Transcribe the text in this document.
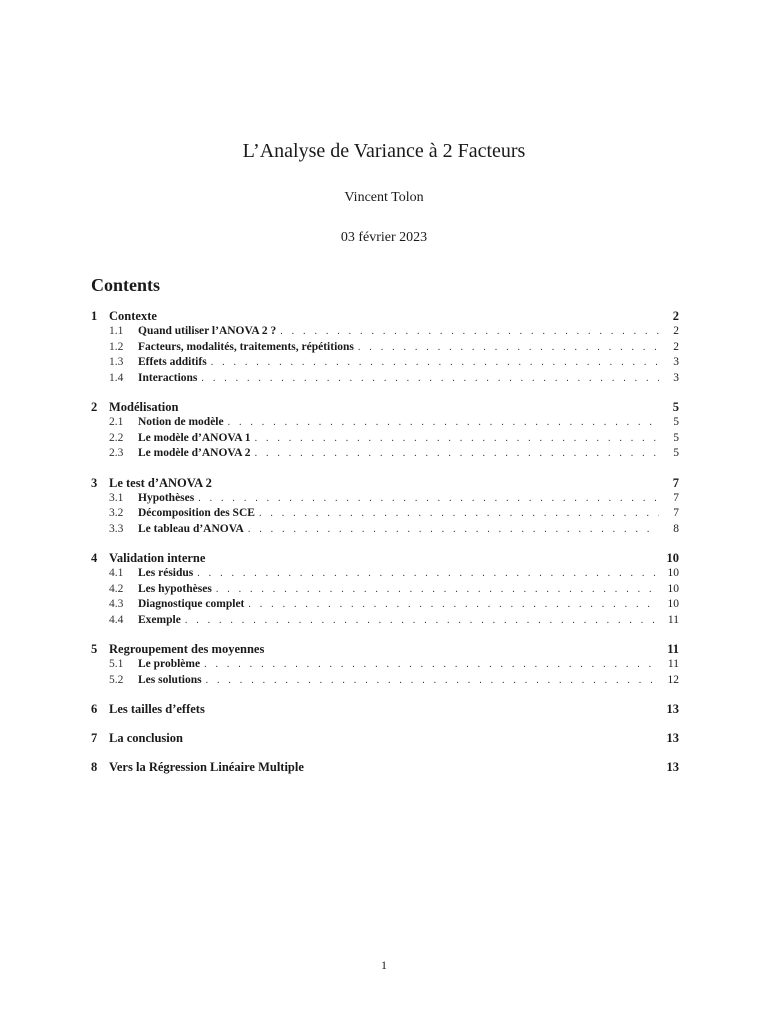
L’Analyse de Variance à 2 Facteurs
Vincent Tolon
03 février 2023
Contents
1 Contexte	2
1.1	Quand utiliser l’ANOVA 2 ? . . .	2
1.2	Facteurs, modalités, traitements, répétitions . . .	2
1.3	Effets additifs . . .	3
1.4	Interactions . . .	3
2 Modélisation	5
2.1	Notion de modèle . . .	5
2.2	Le modèle d’ANOVA 1 . . .	5
2.3	Le modèle d’ANOVA 2 . . .	5
3 Le test d’ANOVA 2	7
3.1	Hypothèses . . .	7
3.2	Décomposition des SCE . . .	7
3.3	Le tableau d’ANOVA . . .	8
4 Validation interne	10
4.1	Les résidus . . .	10
4.2	Les hypothèses . . .	10
4.3	Diagnostique complet . . .	10
4.4	Exemple . . .	11
5 Regroupement des moyennes	11
5.1	Le problème . . .	11
5.2	Les solutions . . .	12
6 Les tailles d’effets	13
7 La conclusion	13
8 Vers la Régression Linéaire Multiple	13
1
